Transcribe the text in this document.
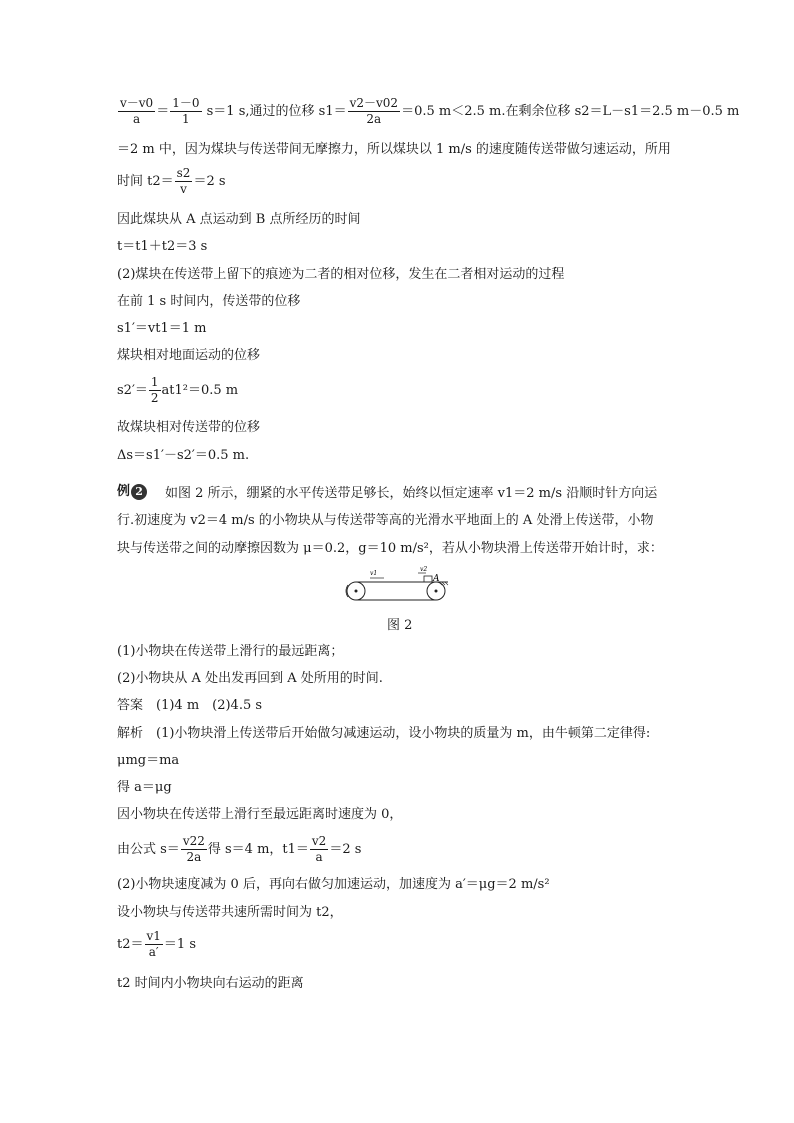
$\frac{v-v0}{a} = \frac{1-0}{1} s=1$ s,通过的位移 $s1= \frac{v2-v02}{2a} =0.5$ m＜2.5 m.在剩余位移 s2＝L－s1＝2.5 m－0.5 m
＝2 m 中，因为煤块与传送带间无摩擦力，所以煤块以 1 m/s 的速度随传送带做匀速运动，所用
时间 $t2= \frac{s2}{v} =2$ s
因此煤块从 A 点运动到 B 点所经历的时间
t＝t1＋t2＝3 s
(2)煤块在传送带上留下的痕迹为二者的相对位移，发生在二者相对运动的过程
在前 1 s 时间内，传送带的位移
s1′＝vt1＝1 m
煤块相对地面运动的位移
$s2'= \frac{1}{2} at1^2=0.5$ m
故煤块相对传送带的位移
Δs＝s1′－s2′＝0.5 m.
例 2	如图 2 所示，绷紧的水平传送带足够长，始终以恒定速率 v1＝2 m/s 沿顺时针方向运
行.初速度为 v2＝4 m/s 的小物块从与传送带等高的光滑水平地面上的 A 处滑上传送带，小物
块与传送带之间的动摩擦因数为 μ＝0.2，g＝10 m/s²，若从小物块滑上传送带开始计时，求：
v1
v2
A
图 2
(1)小物块在传送带上滑行的最远距离；
(2)小物块从 A 处出发再回到 A 处所用的时间.
答案　(1)4 m　(2)4.5 s
解析　(1)小物块滑上传送带后开始做匀减速运动，设小物块的质量为 m，由牛顿第二定律得:
μmg＝ma
得 a＝μg
因小物块在传送带上滑行至最远距离时速度为 0，
由公式 $s= \frac{v22}{2a}$ 得 s＝4 m，$t1= \frac{v2}{a} =2$ s
(2)小物块速度减为 0 后，再向右做匀加速运动，加速度为 a′＝μg＝2 m/s²
设小物块与传送带共速所需时间为 t2，
$t2= \frac{v1}{a'} =1$ s
t2 时间内小物块向右运动的距离
